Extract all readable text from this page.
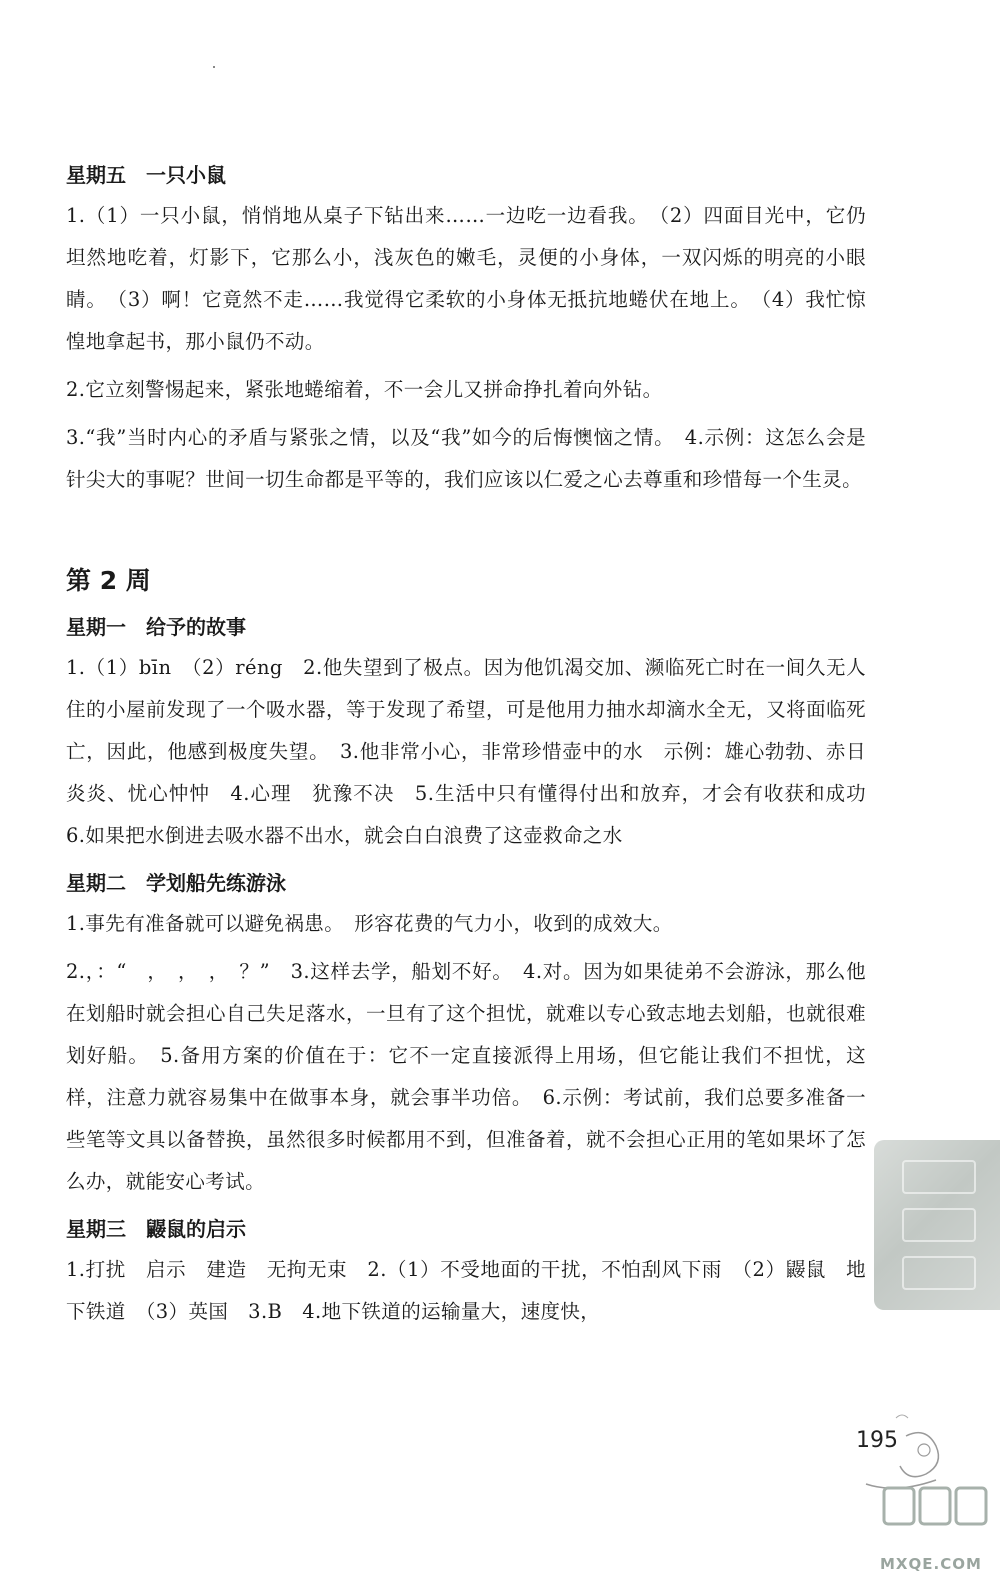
星期五　一只小鼠

1.（1）一只小鼠，悄悄地从桌子下钻出来……一边吃一边看我。　（2）四面目光中，它仍坦然地吃着，灯影下，它那么小，浅灰色的嫩毛，灵便的小身体，一双闪烁的明亮的小眼睛。　（3）啊！它竟然不走……我觉得它柔软的小身体无抵抗地蜷伏在地上。　（4）我忙惊惶地拿起书，那小鼠仍不动。

2.它立刻警惕起来，紧张地蜷缩着，不一会儿又拼命挣扎着向外钻。

3.“我”当时内心的矛盾与紧张之情，以及“我”如今的后悔懊恼之情。　4.示例：这怎么会是针尖大的事呢？世间一切生命都是平等的，我们应该以仁爱之心去尊重和珍惜每一个生灵。

第 2 周
星期一　给予的故事

1.（1）bīn　（2）réng　2.他失望到了极点。因为他饥渴交加、濒临死亡时在一间久无人住的小屋前发现了一个吸水器，等于发现了希望，可是他用力抽水却滴水全无，又将面临死亡，因此，他感到极度失望。　3.他非常小心，非常珍惜壶中的水　示例：雄心勃勃、赤日炎炎、忧心忡忡　4.心理　犹豫不决　5.生活中只有懂得付出和放弃，才会有收获和成功　6.如果把水倒进去吸水器不出水，就会白白浪费了这壶救命之水

星期二　学划船先练游泳

1.事先有准备就可以避免祸患。　形容花费的气力小，收到的成效大。

2.，：“　，　，　，　？”　3.这样去学，船划不好。　4.对。因为如果徒弟不会游泳，那么他在划船时就会担心自己失足落水，一旦有了这个担忧，就难以专心致志地去划船，也就很难划好船。　5.备用方案的价值在于：它不一定直接派得上用场，但它能让我们不担忧，这样，注意力就容易集中在做事本身，就会事半功倍。　6.示例：考试前，我们总要多准备一些笔等文具以备替换，虽然很多时候都用不到，但准备着，就不会担心正用的笔如果坏了怎么办，就能安心考试。

星期三　鼹鼠的启示

1.打扰　启示　建造　无拘无束　2.（1）不受地面的干扰，不怕刮风下雨　（2）鼹鼠　地下铁道　（3）英国　3.B　4.地下铁道的运输量大，速度快，

195
MXQE.COM
